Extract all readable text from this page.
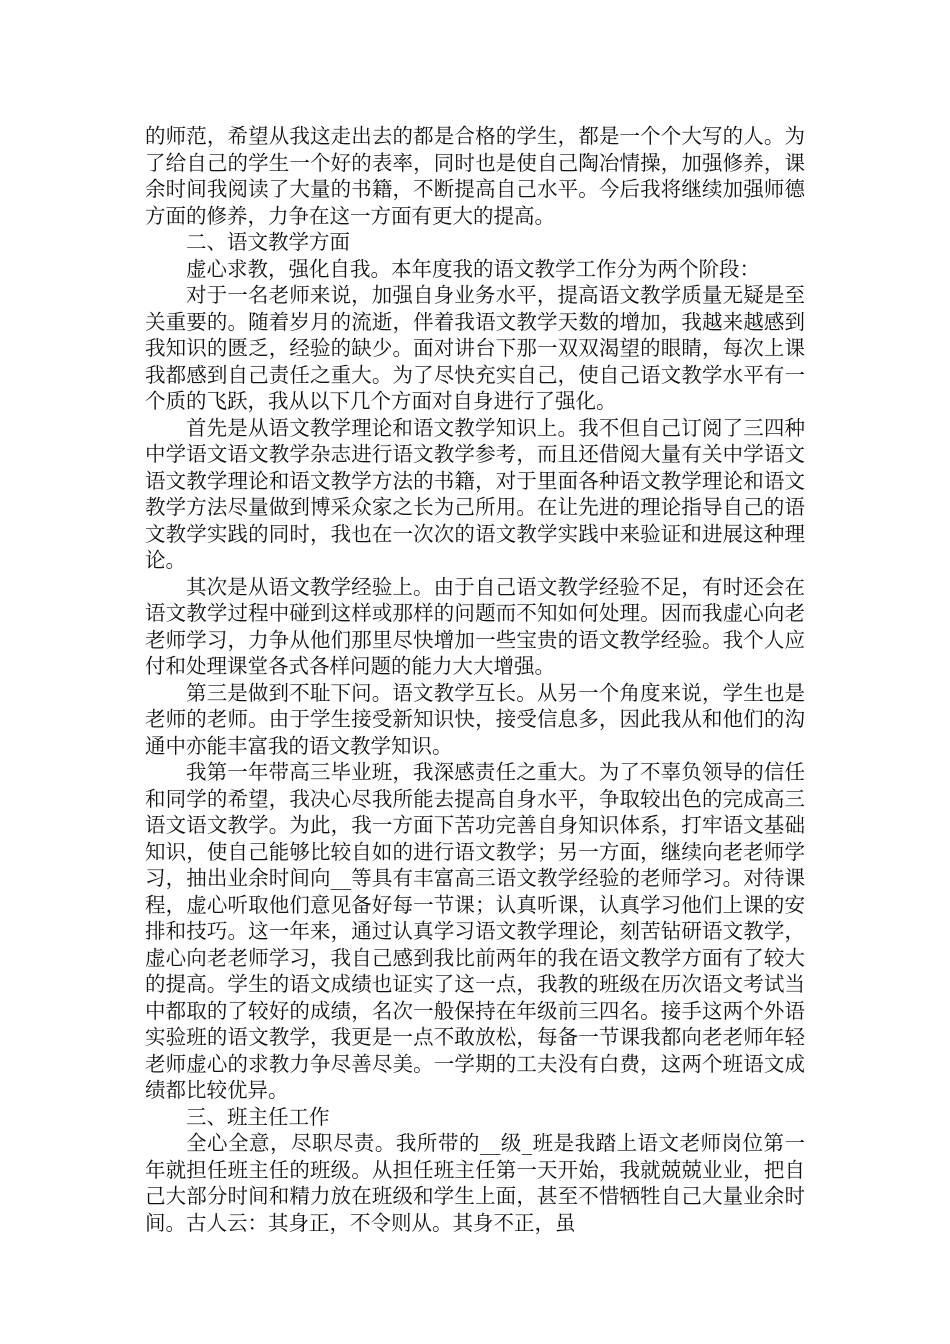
的师范，希望从我这走出去的都是合格的学生，都是一个个大写的人。为了给自己的学生一个好的表率，同时也是使自己陶冶情操，加强修养，课余时间我阅读了大量的书籍，不断提高自己水平。今后我将继续加强师德方面的修养，力争在这一方面有更大的提高。

二、语文教学方面

虚心求教，强化自我。本年度我的语文教学工作分为两个阶段：

对于一名老师来说，加强自身业务水平，提高语文教学质量无疑是至关重要的。随着岁月的流逝，伴着我语文教学天数的增加，我越来越感到我知识的匮乏，经验的缺少。面对讲台下那一双双渴望的眼睛，每次上课我都感到自己责任之重大。为了尽快充实自己，使自己语文教学水平有一个质的飞跃，我从以下几个方面对自身进行了强化。

首先是从语文教学理论和语文教学知识上。我不但自己订阅了三四种中学语文语文教学杂志进行语文教学参考，而且还借阅大量有关中学语文语文教学理论和语文教学方法的书籍，对于里面各种语文教学理论和语文教学方法尽量做到博采众家之长为己所用。在让先进的理论指导自己的语文教学实践的同时，我也在一次次的语文教学实践中来验证和进展这种理论。

其次是从语文教学经验上。由于自己语文教学经验不足，有时还会在语文教学过程中碰到这样或那样的问题而不知如何处理。因而我虚心向老老师学习，力争从他们那里尽快增加一些宝贵的语文教学经验。我个人应付和处理课堂各式各样问题的能力大大增强。

第三是做到不耻下问。语文教学互长。从另一个角度来说，学生也是老师的老师。由于学生接受新知识快，接受信息多，因此我从和他们的沟通中亦能丰富我的语文教学知识。

我第一年带高三毕业班，我深感责任之重大。为了不辜负领导的信任和同学的希望，我决心尽我所能去提高自身水平，争取较出色的完成高三语文语文教学。为此，我一方面下苦功完善自身知识体系，打牢语文基础知识，使自己能够比较自如的进行语文教学；另一方面，继续向老老师学习，抽出业余时间向__等具有丰富高三语文教学经验的老师学习。对待课程，虚心听取他们意见备好每一节课；认真听课，认真学习他们上课的安排和技巧。这一年来，通过认真学习语文教学理论，刻苦钻研语文教学，虚心向老老师学习，我自己感到我比前两年的我在语文教学方面有了较大的提高。学生的语文成绩也证实了这一点，我教的班级在历次语文考试当中都取的了较好的成绩，名次一般保持在年级前三四名。接手这两个外语实验班的语文教学，我更是一点不敢放松，每备一节课我都向老老师年轻老师虚心的求教力争尽善尽美。一学期的工夫没有白费，这两个班语文成绩都比较优异。

三、班主任工作

全心全意，尽职尽责。我所带的__级_班是我踏上语文老师岗位第一年就担任班主任的班级。从担任班主任第一天开始，我就兢兢业业，把自己大部分时间和精力放在班级和学生上面，甚至不惜牺牲自己大量业余时间。古人云：其身正，不令则从。其身不正，虽
